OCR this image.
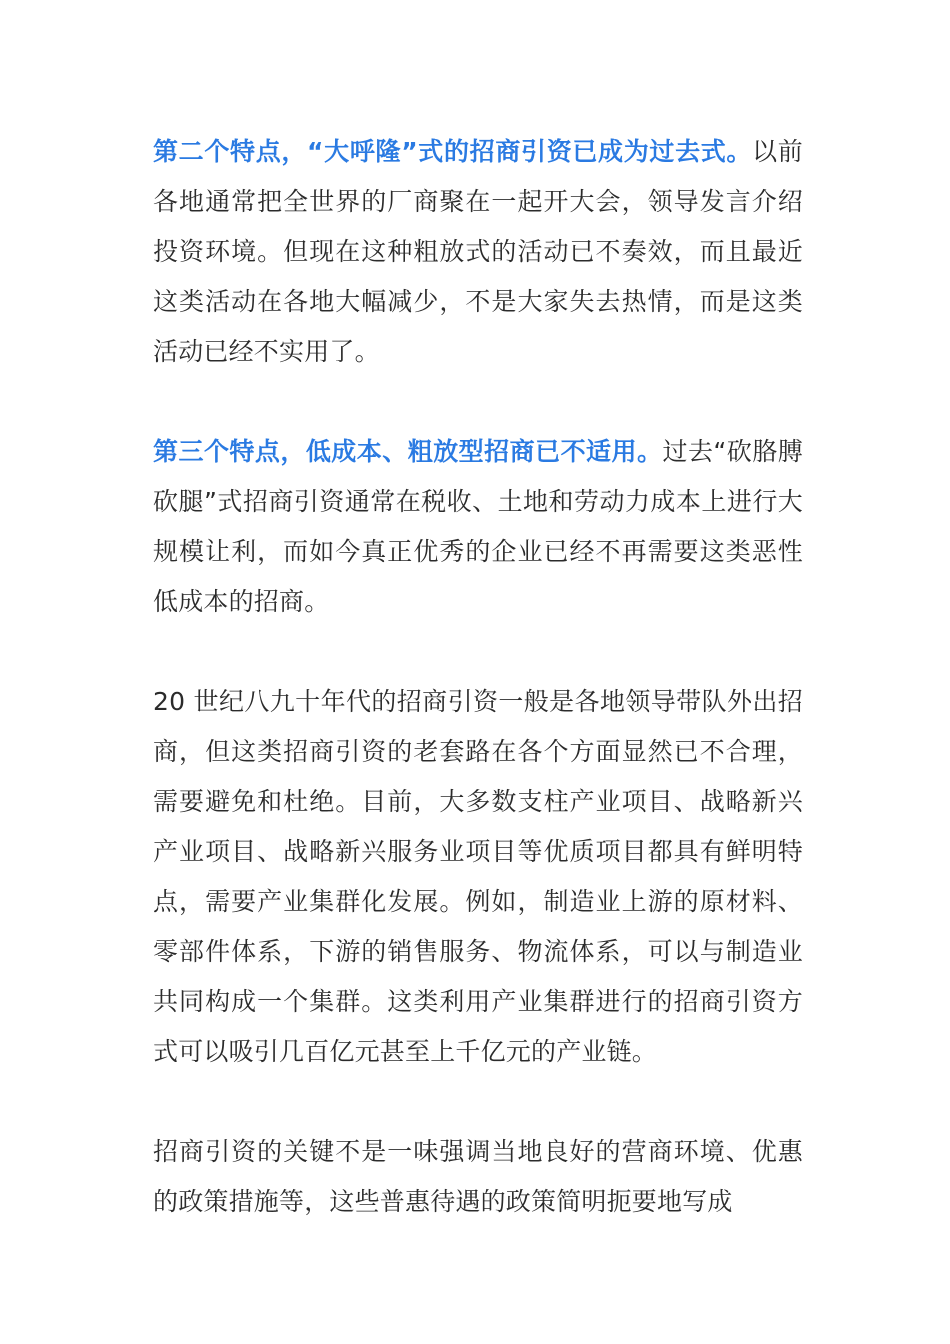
第二个特点，“大呼隆”式的招商引资已成为过去式。以前各地通常把全世界的厂商聚在一起开大会，领导发言介绍投资环境。但现在这种粗放式的活动已不奏效，而且最近这类活动在各地大幅减少，不是大家失去热情，而是这类活动已经不实用了。

第三个特点，低成本、粗放型招商已不适用。过去“砍胳膊砍腿”式招商引资通常在税收、土地和劳动力成本上进行大规模让利，而如今真正优秀的企业已经不再需要这类恶性低成本的招商。

20 世纪八九十年代的招商引资一般是各地领导带队外出招商，但这类招商引资的老套路在各个方面显然已不合理，需要避免和杜绝。目前，大多数支柱产业项目、战略新兴产业项目、战略新兴服务业项目等优质项目都具有鲜明特点，需要产业集群化发展。例如，制造业上游的原材料、零部件体系，下游的销售服务、物流体系，可以与制造业共同构成一个集群。这类利用产业集群进行的招商引资方式可以吸引几百亿元甚至上千亿元的产业链。

招商引资的关键不是一味强调当地良好的营商环境、优惠的政策措施等，这些普惠待遇的政策简明扼要地写成
